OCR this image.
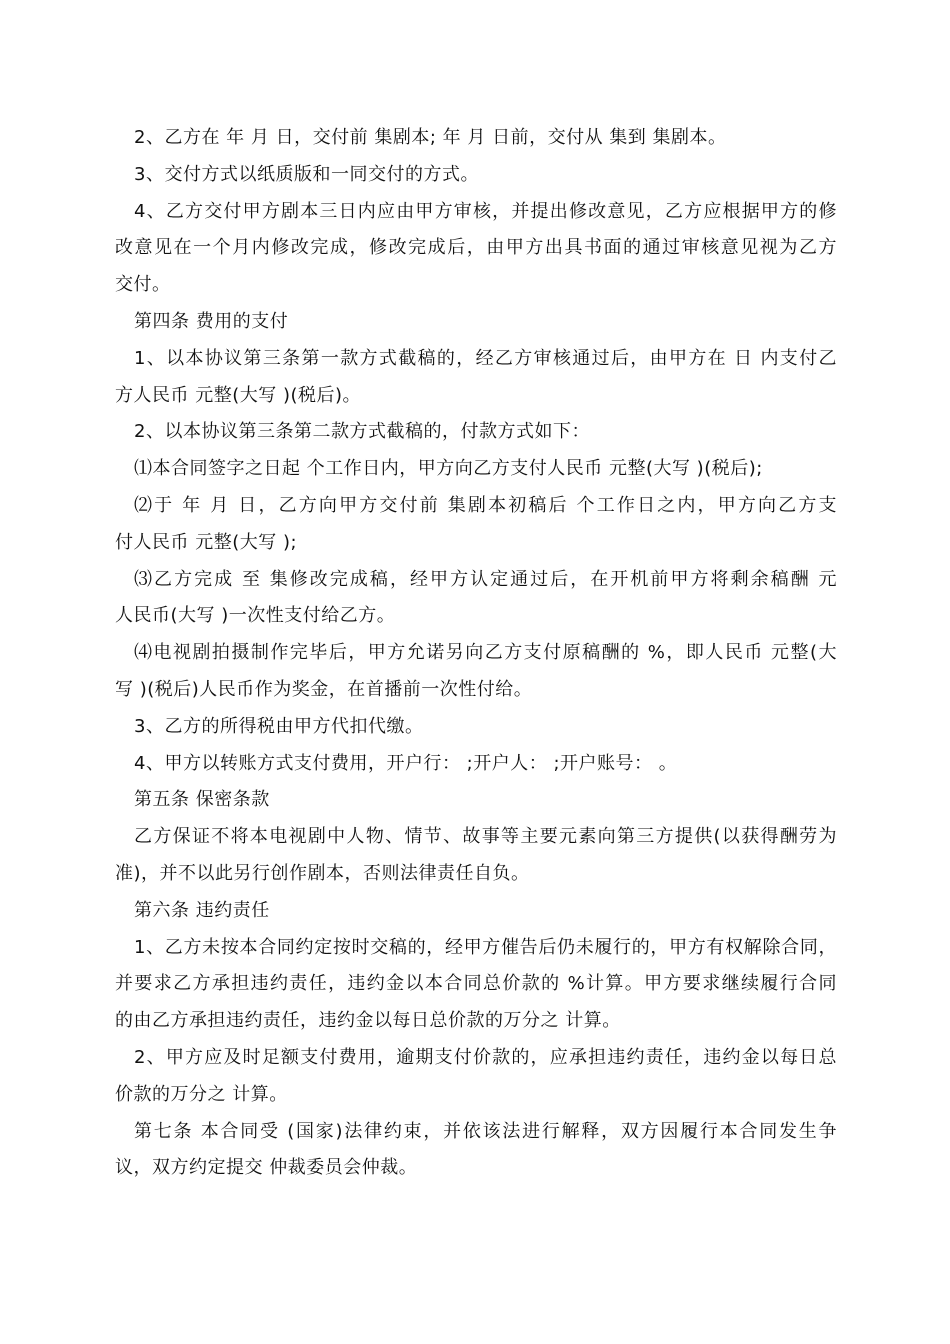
2、乙方在 年 月 日，交付前 集剧本; 年 月 日前，交付从 集到 集剧本。
3、交付方式以纸质版和一同交付的方式。
4、乙方交付甲方剧本三日内应由甲方审核，并提出修改意见，乙方应根据甲方的修
改意见在一个月内修改完成，修改完成后，由甲方出具书面的通过审核意见视为乙方
交付。
第四条 费用的支付
1、以本协议第三条第一款方式截稿的，经乙方审核通过后，由甲方在 日 内支付乙
方人民币 元整(大写 )(税后)。
2、以本协议第三条第二款方式截稿的，付款方式如下：
⑴本合同签字之日起 个工作日内，甲方向乙方支付人民币 元整(大写 )(税后);
⑵于 年 月 日，乙方向甲方交付前 集剧本初稿后 个工作日之内，甲方向乙方支
付人民币 元整(大写 );
⑶乙方完成 至 集修改完成稿，经甲方认定通过后，在开机前甲方将剩余稿酬 元
人民币(大写 )一次性支付给乙方。
⑷电视剧拍摄制作完毕后，甲方允诺另向乙方支付原稿酬的 %，即人民币 元整(大
写 )(税后)人民币作为奖金，在首播前一次性付给。
3、乙方的所得税由甲方代扣代缴。
4、甲方以转账方式支付费用，开户行： ;开户人： ;开户账号： 。
第五条 保密条款
乙方保证不将本电视剧中人物、情节、故事等主要元素向第三方提供(以获得酬劳为
准)，并不以此另行创作剧本，否则法律责任自负。
第六条 违约责任
1、乙方未按本合同约定按时交稿的，经甲方催告后仍未履行的，甲方有权解除合同，
并要求乙方承担违约责任，违约金以本合同总价款的 %计算。甲方要求继续履行合同
的由乙方承担违约责任，违约金以每日总价款的万分之 计算。
2、甲方应及时足额支付费用，逾期支付价款的，应承担违约责任，违约金以每日总
价款的万分之 计算。
第七条 本合同受 (国家)法律约束，并依该法进行解释，双方因履行本合同发生争
议，双方约定提交 仲裁委员会仲裁。
